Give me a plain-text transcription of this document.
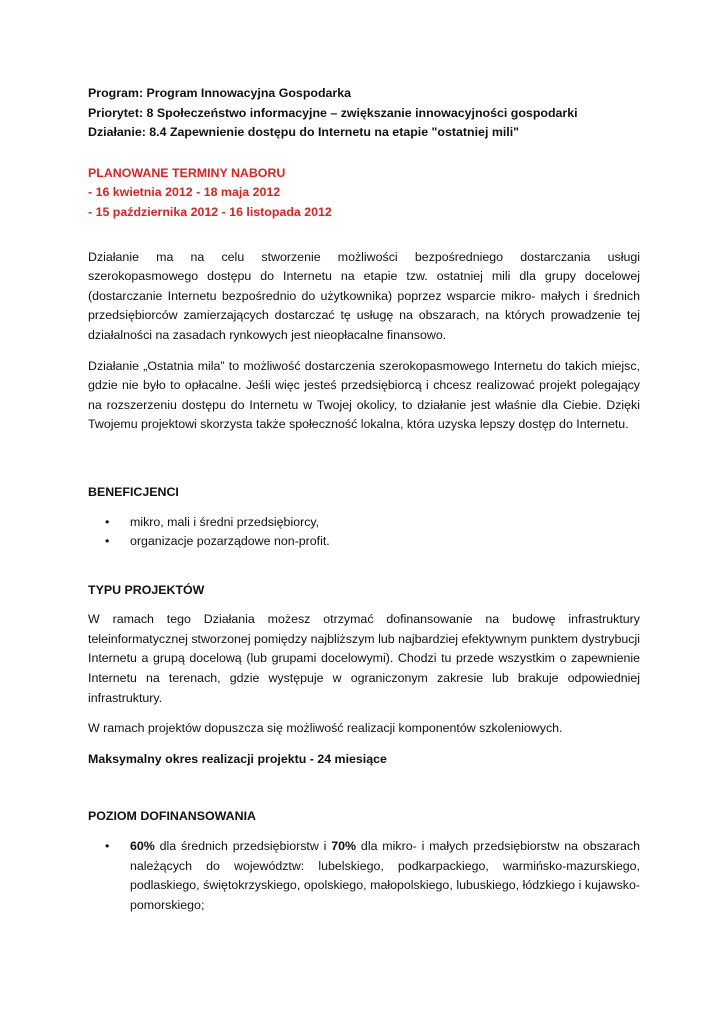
Program: Program Innowacyjna Gospodarka

Priorytet: 8 Społeczeństwo informacyjne – zwiększanie innowacyjności gospodarki

Działanie: 8.4 Zapewnienie dostępu do Internetu na etapie "ostatniej mili"

PLANOWANE TERMINY NABORU

- 16 kwietnia 2012 - 18 maja 2012

- 15 października 2012 - 16 listopada 2012

Działanie ma na celu stworzenie możliwości bezpośredniego dostarczania usługi szerokopasmowego dostępu do Internetu na etapie tzw. ostatniej mili dla grupy docelowej (dostarczanie Internetu bezpośrednio do użytkownika) poprzez wsparcie mikro- małych i średnich przedsiębiorców zamierzających dostarczać tę usługę na obszarach, na których prowadzenie tej działalności na zasadach rynkowych jest nieopłacalne finansowo.

Działanie „Ostatnia mila” to możliwość dostarczenia szerokopasmowego Internetu do takich miejsc, gdzie nie było to opłacalne. Jeśli więc jesteś przedsiębiorcą i chcesz realizować projekt polegający na rozszerzeniu dostępu do Internetu w Twojej okolicy, to działanie jest właśnie dla Ciebie. Dzięki Twojemu projektowi skorzysta także społeczność lokalna, która uzyska lepszy dostęp do Internetu.

BENEFICJENCI

• mikro, mali i średni przedsiębiorcy,
• organizacje pozarządowe non-profit.

TYPU PROJEKTÓW

W ramach tego Działania możesz otrzymać dofinansowanie na budowę infrastruktury teleinformatycznej stworzonej pomiędzy najbliższym lub najbardziej efektywnym punktem dystrybucji Internetu a grupą docelową (lub grupami docelowymi). Chodzi tu przede wszystkim o zapewnienie Internetu na terenach, gdzie występuje w ograniczonym zakresie lub brakuje odpowiedniej infrastruktury.

W ramach projektów dopuszcza się możliwość realizacji komponentów szkoleniowych.

Maksymalny okres realizacji projektu - 24 miesiące

POZIOM DOFINANSOWANIA

• 60% dla średnich przedsiębiorstw i 70% dla mikro- i małych przedsiębiorstw na obszarach należących do województw: lubelskiego, podkarpackiego, warmińsko-mazurskiego, podlaskiego, świętokrzyskiego, opolskiego, małopolskiego, lubuskiego, łódzkiego i kujawsko-pomorskiego;
